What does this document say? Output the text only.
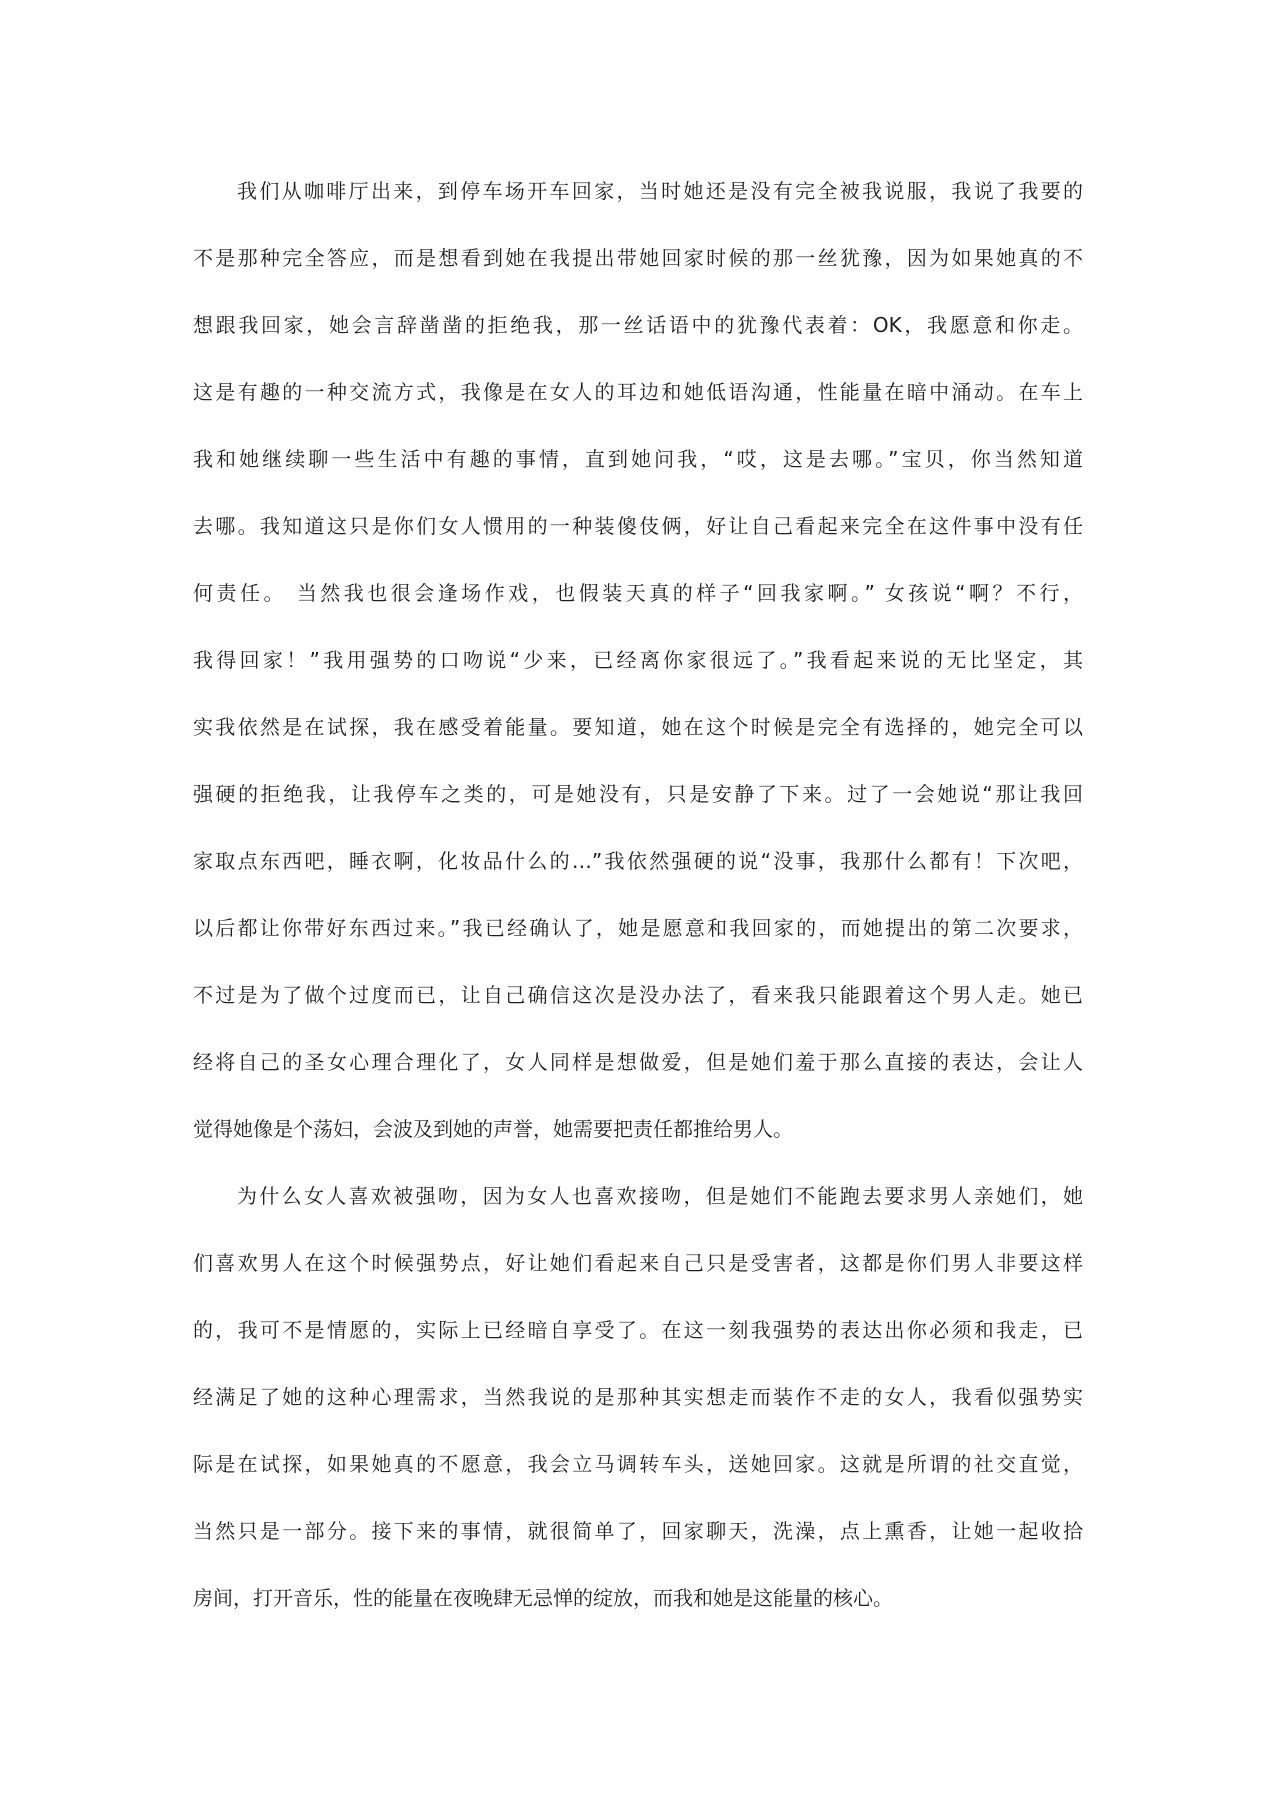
我们从咖啡厅出来，到停车场开车回家，当时她还是没有完全被我说服，我说了我要的
不是那种完全答应，而是想看到她在我提出带她回家时候的那一丝犹豫，因为如果她真的不
想跟我回家，她会言辞凿凿的拒绝我，那一丝话语中的犹豫代表着：OK，我愿意和你走。
这是有趣的一种交流方式，我像是在女人的耳边和她低语沟通，性能量在暗中涌动。在车上
我和她继续聊一些生活中有趣的事情，直到她问我，“哎，这是去哪。”宝贝，你当然知道
去哪。我知道这只是你们女人惯用的一种装傻伎俩，好让自己看起来完全在这件事中没有任
何责任。 当然我也很会逢场作戏，也假装天真的样子“回我家啊。” 女孩说“啊？不行，
我得回家！”我用强势的口吻说“少来，已经离你家很远了。”我看起来说的无比坚定，其
实我依然是在试探，我在感受着能量。要知道，她在这个时候是完全有选择的，她完全可以
强硬的拒绝我，让我停车之类的，可是她没有，只是安静了下来。过了一会她说“那让我回
家取点东西吧，睡衣啊，化妆品什么的…”我依然强硬的说“没事，我那什么都有！下次吧，
以后都让你带好东西过来。”我已经确认了，她是愿意和我回家的，而她提出的第二次要求，
不过是为了做个过度而已，让自己确信这次是没办法了，看来我只能跟着这个男人走。她已
经将自己的圣女心理合理化了，女人同样是想做爱，但是她们羞于那么直接的表达，会让人
觉得她像是个荡妇，会波及到她的声誉，她需要把责任都推给男人。
为什么女人喜欢被强吻，因为女人也喜欢接吻，但是她们不能跑去要求男人亲她们，她
们喜欢男人在这个时候强势点，好让她们看起来自己只是受害者，这都是你们男人非要这样
的，我可不是情愿的，实际上已经暗自享受了。在这一刻我强势的表达出你必须和我走，已
经满足了她的这种心理需求，当然我说的是那种其实想走而装作不走的女人，我看似强势实
际是在试探，如果她真的不愿意，我会立马调转车头，送她回家。这就是所谓的社交直觉，
当然只是一部分。接下来的事情，就很简单了，回家聊天，洗澡，点上熏香，让她一起收拾
房间，打开音乐，性的能量在夜晚肆无忌惮的绽放，而我和她是这能量的核心。
